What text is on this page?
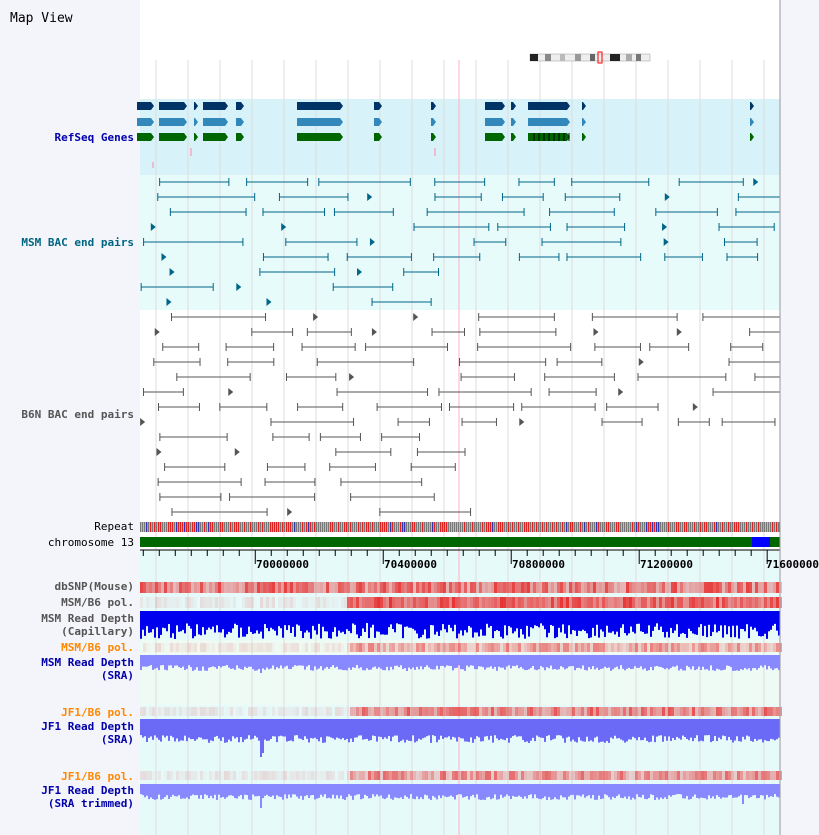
Map View
RefSeq Genes
MSM BAC end pairs
B6N BAC end pairs
Repeat
chromosome 13
dbSNP(Mouse)
MSM/B6 pol.
MSM Read Depth
(Capillary)
MSM/B6 pol.
MSM Read Depth
(SRA)
JF1/B6 pol.
JF1 Read Depth
(SRA)
JF1/B6 pol.
JF1 Read Depth
(SRA trimmed)
70000000	70400000	70800000	71200000	71600000
